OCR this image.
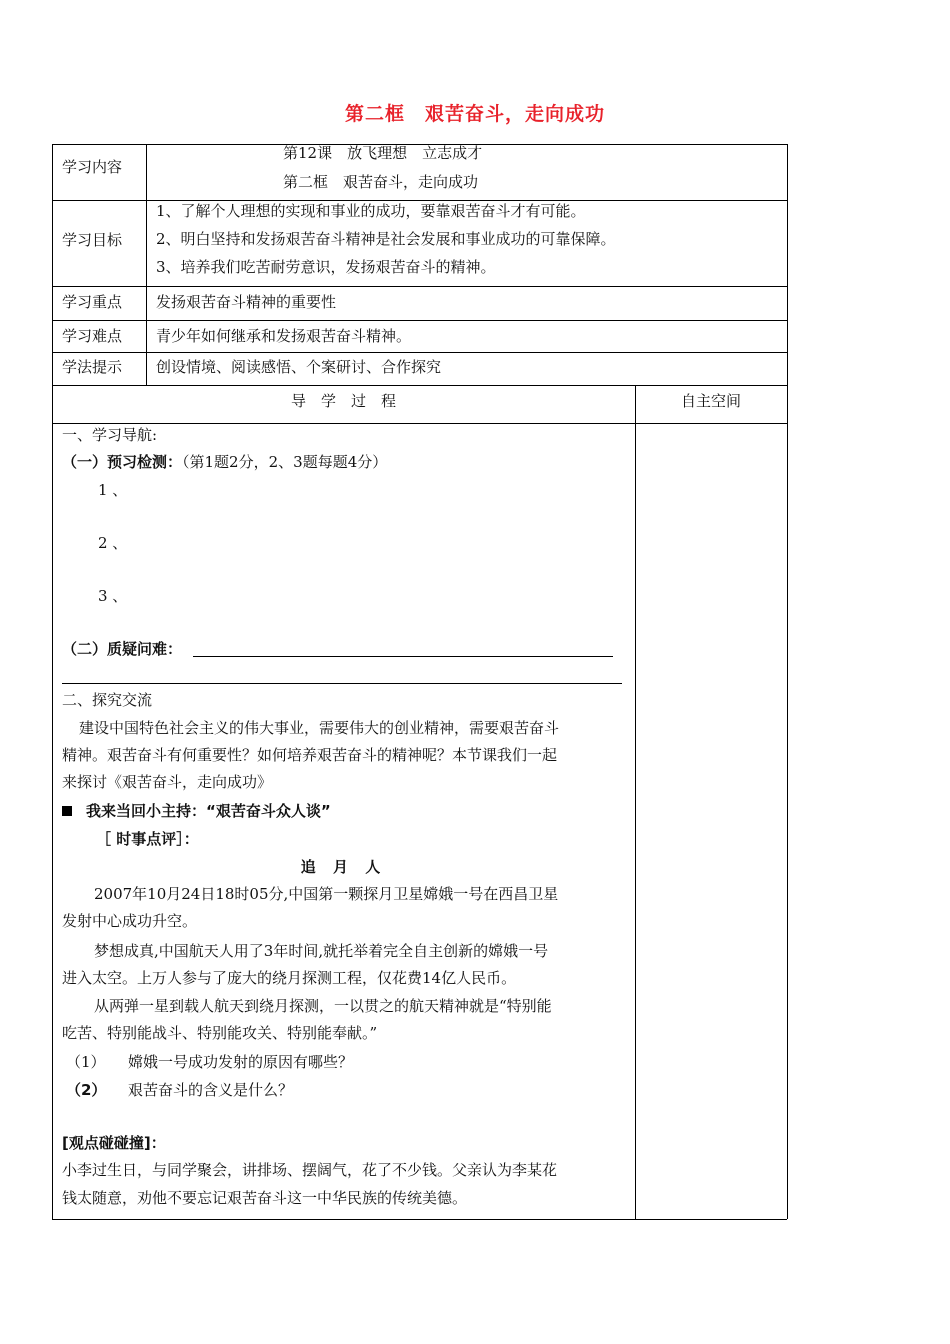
第二框　艰苦奋斗，走向成功
学习内容
第12课　放飞理想　立志成才
第二框　艰苦奋斗，走向成功
学习目标
1、了解个人理想的实现和事业的成功，要靠艰苦奋斗才有可能。
2、明白坚持和发扬艰苦奋斗精神是社会发展和事业成功的可靠保障。
3、培养我们吃苦耐劳意识，发扬艰苦奋斗的精神。
学习重点 发扬艰苦奋斗精神的重要性
学习难点 青少年如何继承和发扬艰苦奋斗精神。
学法提示 创设情境、阅读感悟、个案研讨、合作探究
导　学　过　程	自主空间
一、学习导航:
（一）预习检测：（第1题2分，2、3题每题4分）
1 、
2 、
3 、
（二）质疑问难：
二、探究交流
建设中国特色社会主义的伟大事业，需要伟大的创业精神，需要艰苦奋斗
精神。艰苦奋斗有何重要性？如何培养艰苦奋斗的精神呢？本节课我们一起
来探讨《艰苦奋斗，走向成功》
我来当回小主持：“艰苦奋斗众人谈”
［ 时事点评］：
追 月 人
2007年10月24日18时05分,中国第一颗探月卫星嫦娥一号在西昌卫星
发射中心成功升空。
梦想成真,中国航天人用了3年时间,就托举着完全自主创新的嫦娥一号
进入太空。上万人参与了庞大的绕月探测工程，仅花费14亿人民币。
从两弹一星到载人航天到绕月探测，一以贯之的航天精神就是“特别能
吃苦、特别能战斗、特别能攻关、特别能奉献。”
（1） 嫦娥一号成功发射的原因有哪些？
（2） 艰苦奋斗的含义是什么？
[观点碰碰撞]：
小李过生日，与同学聚会，讲排场、摆阔气，花了不少钱。父亲认为李某花
钱太随意，劝他不要忘记艰苦奋斗这一中华民族的传统美德。
